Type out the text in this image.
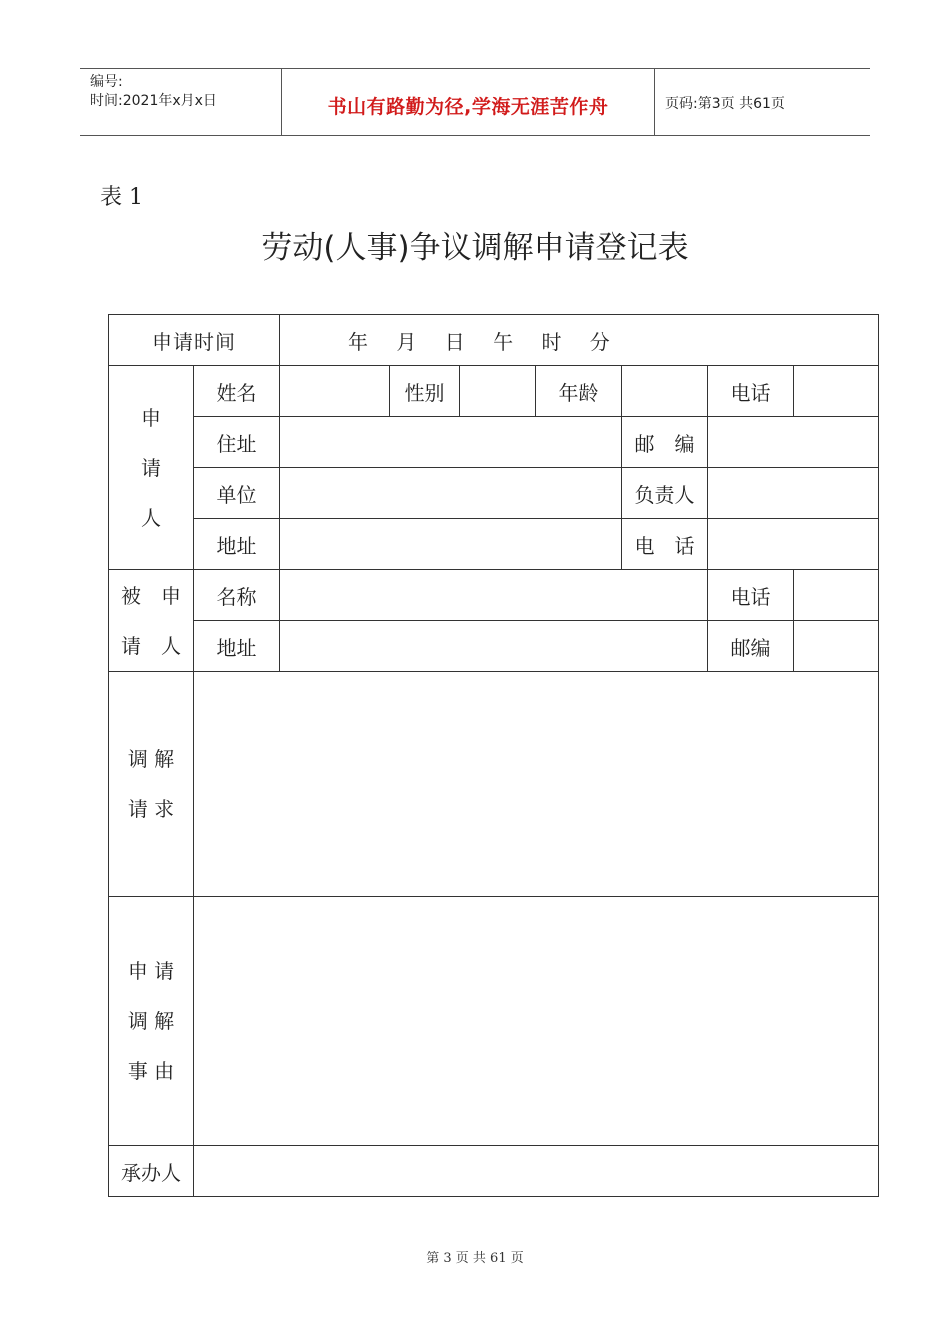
编号:
时间:2021年x月x日	书山有路勤为径,学海无涯苦作舟	页码:第3页 共61页
表 1
劳动(人事)争议调解申请登记表
申请时间		年 月 日 午 时 分						

申
请
人	姓名		性别		年龄		电话	
	住址					邮　编		
	单位					负责人		
	地址					电　话		

被　申
请　人	名称						电话	
	地址						邮编	

调 解
请 求								

申 请
调 解
事 由								

承办人								
第 3 页 共 61 页
